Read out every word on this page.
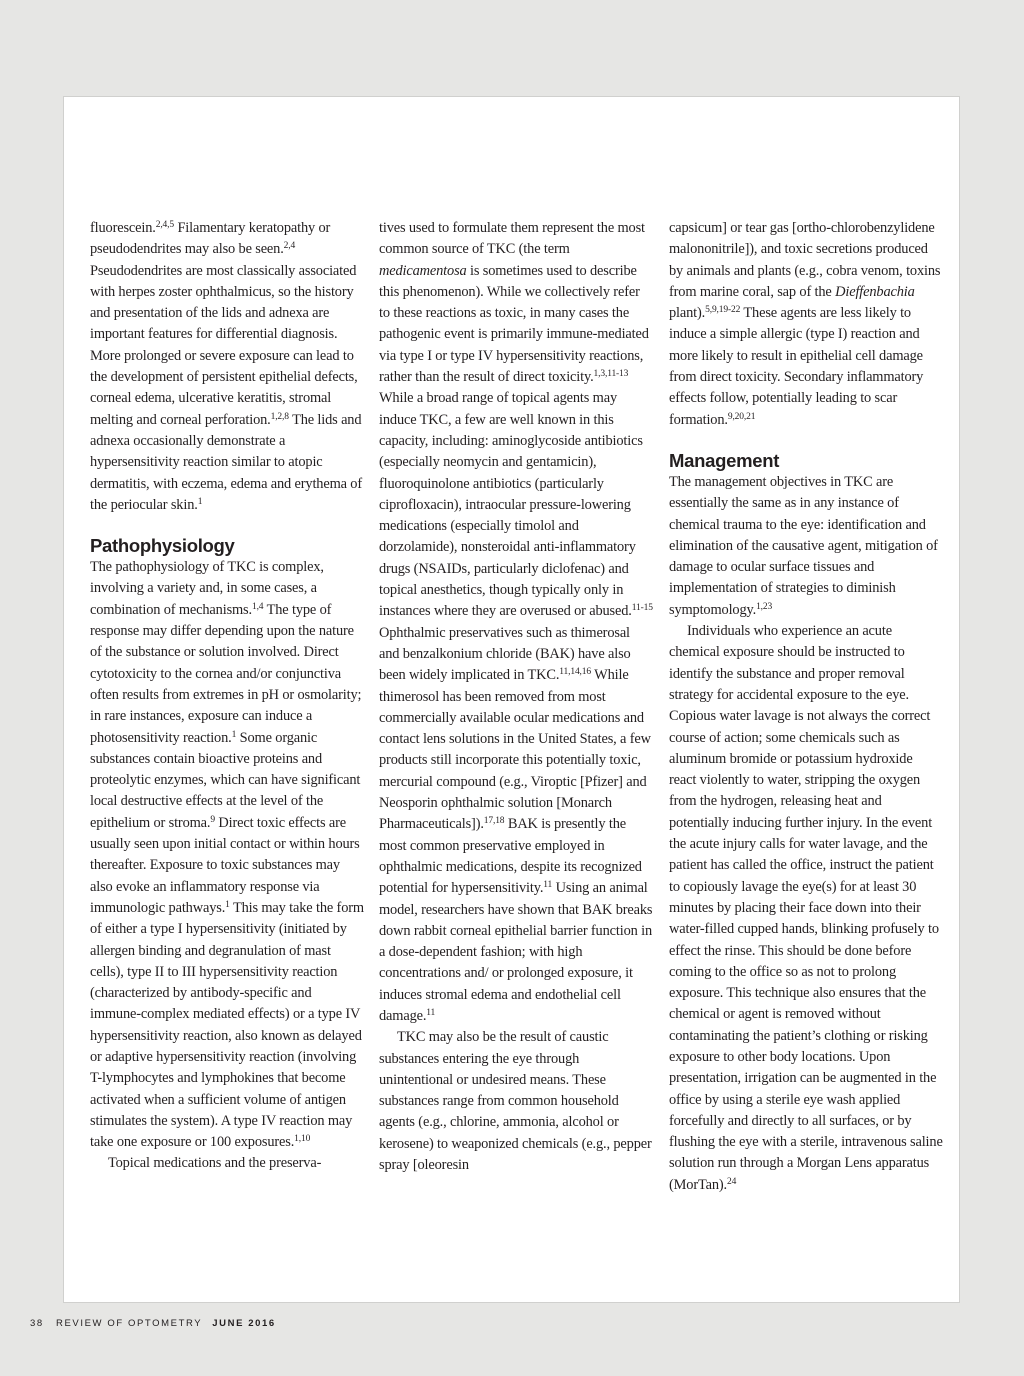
fluorescein.$^{2,4,5}$ Filamentary keratopathy or pseudodendrites may also be seen.$^{2,4}$ Pseudodendrites are most classically associated with herpes zoster ophthalmicus, so the history and presentation of the lids and adnexa are important features for differential diagnosis. More prolonged or severe exposure can lead to the development of persistent epithelial defects, corneal edema, ulcerative keratitis, stromal melting and corneal perforation.$^{1,2,8}$ The lids and adnexa occasionally demonstrate a hypersensitivity reaction similar to atopic dermatitis, with eczema, edema and erythema of the periocular skin.$^1$

Pathophysiology

The pathophysiology of TKC is complex, involving a variety and, in some cases, a combination of mechanisms.$^{1,4}$ The type of response may differ depending upon the nature of the substance or solution involved. Direct cytotoxicity to the cornea and/or conjunctiva often results from extremes in pH or osmolarity; in rare instances, exposure can induce a photosensitivity reaction.$^1$ Some organic substances contain bioactive proteins and proteolytic enzymes, which can have significant local destructive effects at the level of the epithelium or stroma.$^9$ Direct toxic effects are usually seen upon initial contact or within hours thereafter. Exposure to toxic substances may also evoke an inflammatory response via immunologic pathways.$^1$ This may take the form of either a type I hypersensitivity (initiated by allergen binding and degranulation of mast cells), type II to III hypersensitivity reaction (characterized by antibody-specific and immune-complex mediated effects) or a type IV hypersensitivity reaction, also known as delayed or adaptive hypersensitivity reaction (involving T-lymphocytes and lymphokines that become activated when a sufficient volume of antigen stimulates the system). A type IV reaction may take one exposure or 100 exposures.$^{1,10}$

Topical medications and the preserva-

tives used to formulate them represent the most common source of TKC (the term medicamentosa is sometimes used to describe this phenomenon). While we collectively refer to these reactions as toxic, in many cases the pathogenic event is primarily immune-mediated via type I or type IV hypersensitivity reactions, rather than the result of direct toxicity.$^{1,3,11-13}$ While a broad range of topical agents may induce TKC, a few are well known in this capacity, including: aminoglycoside antibiotics (especially neomycin and gentamicin), fluoroquinolone antibiotics (particularly ciprofloxacin), intraocular pressure-lowering medications (especially timolol and dorzolamide), nonsteroidal anti-inflammatory drugs (NSAIDs, particularly diclofenac) and topical anesthetics, though typically only in instances where they are overused or abused.$^{11-15}$ Ophthalmic preservatives such as thimerosal and benzalkonium chloride (BAK) have also been widely implicated in TKC.$^{11,14,16}$ While thimerosol has been removed from most commercially available ocular medications and contact lens solutions in the United States, a few products still incorporate this potentially toxic, mercurial compound (e.g., Viroptic [Pfizer] and Neosporin ophthalmic solution [Monarch Pharmaceuticals]).$^{17,18}$ BAK is presently the most common preservative employed in ophthalmic medications, despite its recognized potential for hypersensitivity.$^{11}$ Using an animal model, researchers have shown that BAK breaks down rabbit corneal epithelial barrier function in a dose-dependent fashion; with high concentrations and/ or prolonged exposure, it induces stromal edema and endothelial cell damage.$^{11}$

TKC may also be the result of caustic substances entering the eye through unintentional or undesired means. These substances range from common household agents (e.g., chlorine, ammonia, alcohol or kerosene) to weaponized chemicals (e.g., pepper spray [oleoresin

capsicum] or tear gas [ortho-chlorobenzylidene malononitrile]), and toxic secretions produced by animals and plants (e.g., cobra venom, toxins from marine coral, sap of the Dieffenbachia plant).$^{5,9,19-22}$ These agents are less likely to induce a simple allergic (type I) reaction and more likely to result in epithelial cell damage from direct toxicity. Secondary inflammatory effects follow, potentially leading to scar formation.$^{9,20,21}$

Management

The management objectives in TKC are essentially the same as in any instance of chemical trauma to the eye: identification and elimination of the causative agent, mitigation of damage to ocular surface tissues and implementation of strategies to diminish symptomology.$^{1,23}$

Individuals who experience an acute chemical exposure should be instructed to identify the substance and proper removal strategy for accidental exposure to the eye. Copious water lavage is not always the correct course of action; some chemicals such as aluminum bromide or potassium hydroxide react violently to water, stripping the oxygen from the hydrogen, releasing heat and potentially inducing further injury. In the event the acute injury calls for water lavage, and the patient has called the office, instruct the patient to copiously lavage the eye(s) for at least 30 minutes by placing their face down into their water-filled cupped hands, blinking profusely to effect the rinse. This should be done before coming to the office so as not to prolong exposure. This technique also ensures that the chemical or agent is removed without contaminating the patient’s clothing or risking exposure to other body locations. Upon presentation, irrigation can be augmented in the office by using a sterile eye wash applied forcefully and directly to all surfaces, or by flushing the eye with a sterile, intravenous saline solution run through a Morgan Lens apparatus (MorTan).$^{24}$

38 REVIEW OF OPTOMETRY JUNE 2016
